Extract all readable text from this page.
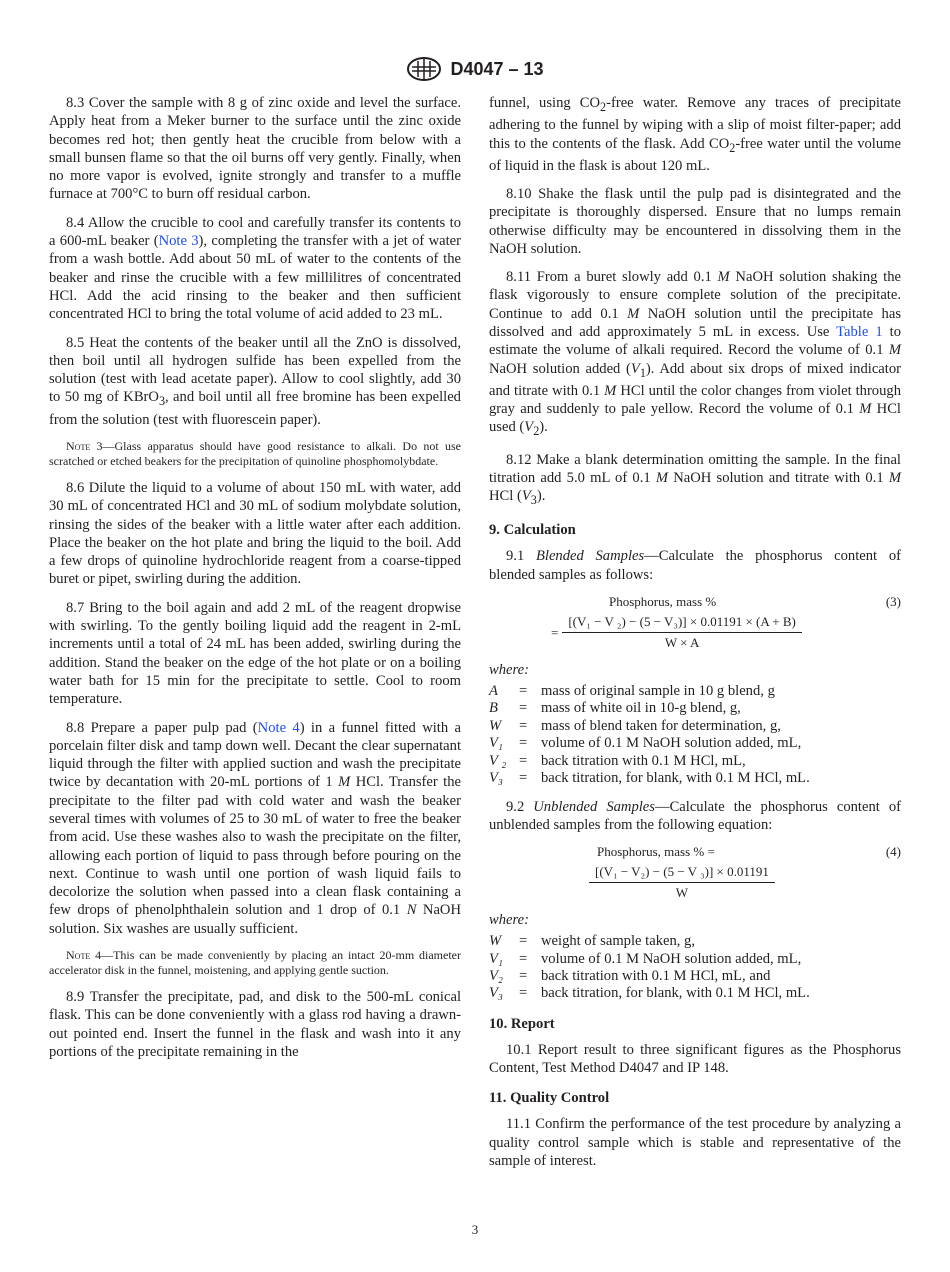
D4047 – 13

8.3 Cover the sample with 8 g of zinc oxide and level the surface. Apply heat from a Meker burner to the surface until the zinc oxide becomes red hot; then gently heat the crucible from below with a small bunsen flame so that the oil burns off very gently. Finally, when no more vapor is evolved, ignite strongly and transfer to a muffle furnace at 700°C to burn off residual carbon.

8.4 Allow the crucible to cool and carefully transfer its contents to a 600-mL beaker (Note 3), completing the transfer with a jet of water from a wash bottle. Add about 50 mL of water to the contents of the beaker and rinse the crucible with a few millilitres of concentrated HCl. Add the acid rinsing to the beaker and then sufficient concentrated HCl to bring the total volume of acid added to 23 mL.

8.5 Heat the contents of the beaker until all the ZnO is dissolved, then boil until all hydrogen sulfide has been expelled from the solution (test with lead acetate paper). Allow to cool slightly, add 30 to 50 mg of KBrO$_3$, and boil until all free bromine has been expelled from the solution (test with fluorescein paper).

Note 3—Glass apparatus should have good resistance to alkali. Do not use scratched or etched beakers for the precipitation of quinoline phosphomolybdate.

8.6 Dilute the liquid to a volume of about 150 mL with water, add 30 mL of concentrated HCl and 30 mL of sodium molybdate solution, rinsing the sides of the beaker with a little water after each addition. Place the beaker on the hot plate and bring the liquid to the boil. Add a few drops of quinoline hydrochloride reagent from a coarse-tipped buret or pipet, swirling during the addition.

8.7 Bring to the boil again and add 2 mL of the reagent dropwise with swirling. To the gently boiling liquid add the reagent in 2-mL increments until a total of 24 mL has been added, swirling during the addition. Stand the beaker on the edge of the hot plate or on a boiling water bath for 15 min for the precipitate to settle. Cool to room temperature.

8.8 Prepare a paper pulp pad (Note 4) in a funnel fitted with a porcelain filter disk and tamp down well. Decant the clear supernatant liquid through the filter with applied suction and wash the precipitate twice by decantation with 20-mL portions of 1 M HCl. Transfer the precipitate to the filter pad with cold water and wash the beaker several times with volumes of 25 to 30 mL of water to free the beaker from acid. Use these washes also to wash the precipitate on the filter, allowing each portion of liquid to pass through before pouring on the next. Continue to wash until one portion of wash liquid fails to decolorize the solution when passed into a clean flask containing a few drops of phenolphthalein solution and 1 drop of 0.1 N NaOH solution. Six washes are usually sufficient.

Note 4—This can be made conveniently by placing an intact 20-mm diameter accelerator disk in the funnel, moistening, and applying gentle suction.

8.9 Transfer the precipitate, pad, and disk to the 500-mL conical flask. This can be done conveniently with a glass rod having a drawn-out pointed end. Insert the funnel in the flask and wash into it any portions of the precipitate remaining in the

funnel, using $CO_2$-free water. Remove any traces of precipitate adhering to the funnel by wiping with a slip of moist filter-paper; add this to the contents of the flask. Add $CO_2$-free water until the volume of liquid in the flask is about 120 mL.

8.10 Shake the flask until the pulp pad is disintegrated and the precipitate is thoroughly dispersed. Ensure that no lumps remain otherwise difficulty may be encountered in dissolving them in the NaOH solution.

8.11 From a buret slowly add 0.1 M NaOH solution shaking the flask vigorously to ensure complete solution of the precipitate. Continue to add 0.1 M NaOH solution until the precipitate has dissolved and add approximately 5 mL in excess. Use Table 1 to estimate the volume of alkali required. Record the volume of 0.1 M NaOH solution added $(V_1)$. Add about six drops of mixed indicator and titrate with 0.1 M HCl until the color changes from violet through gray and suddenly to pale yellow. Record the volume of 0.1 M HCl used $(V_2)$.

8.12 Make a blank determination omitting the sample. In the final titration add 5.0 mL of 0.1 M NaOH solution and titrate with 0.1 M HCl $(V_3)$.

9. Calculation

9.1 Blended Samples—Calculate the phosphorus content of blended samples as follows:

Phosphorus, mass %	(3)
= $\frac{\text{[(V₁ − V ₂) − (5 − V₃)] × 0.01191 × (A + B)}}{W \times A}$
where:
A	= mass of original sample in 10 g blend, g
B	= mass of white oil in 10-g blend, g,
W	= mass of blend taken for determination, g,
V₁	= volume of 0.1 M NaOH solution added, mL,
V ₂ = back titration with 0.1 M HCl, mL,
V₃	= back titration, for blank, with 0.1 M HCl, mL.

9.2 Unblended Samples—Calculate the phosphorus content of unblended samples from the following equation:

Phosphorus, mass % =	(4)
$\frac{\text{[(V₁ − V₂) − (5 − V ₃)] × 0.01191}}{W}$
where:
W	= weight of sample taken, g,
V₁	= volume of 0.1 M NaOH solution added, mL,
V₂	= back titration with 0.1 M HCl, mL, and
V₃	= back titration, for blank, with 0.1 M HCl, mL.
10. Report

10.1 Report result to three significant figures as the Phosphorus Content, Test Method D4047 and IP 148.

11. Quality Control

11.1 Confirm the performance of the test procedure by analyzing a quality control sample which is stable and representative of the sample of interest.

3
